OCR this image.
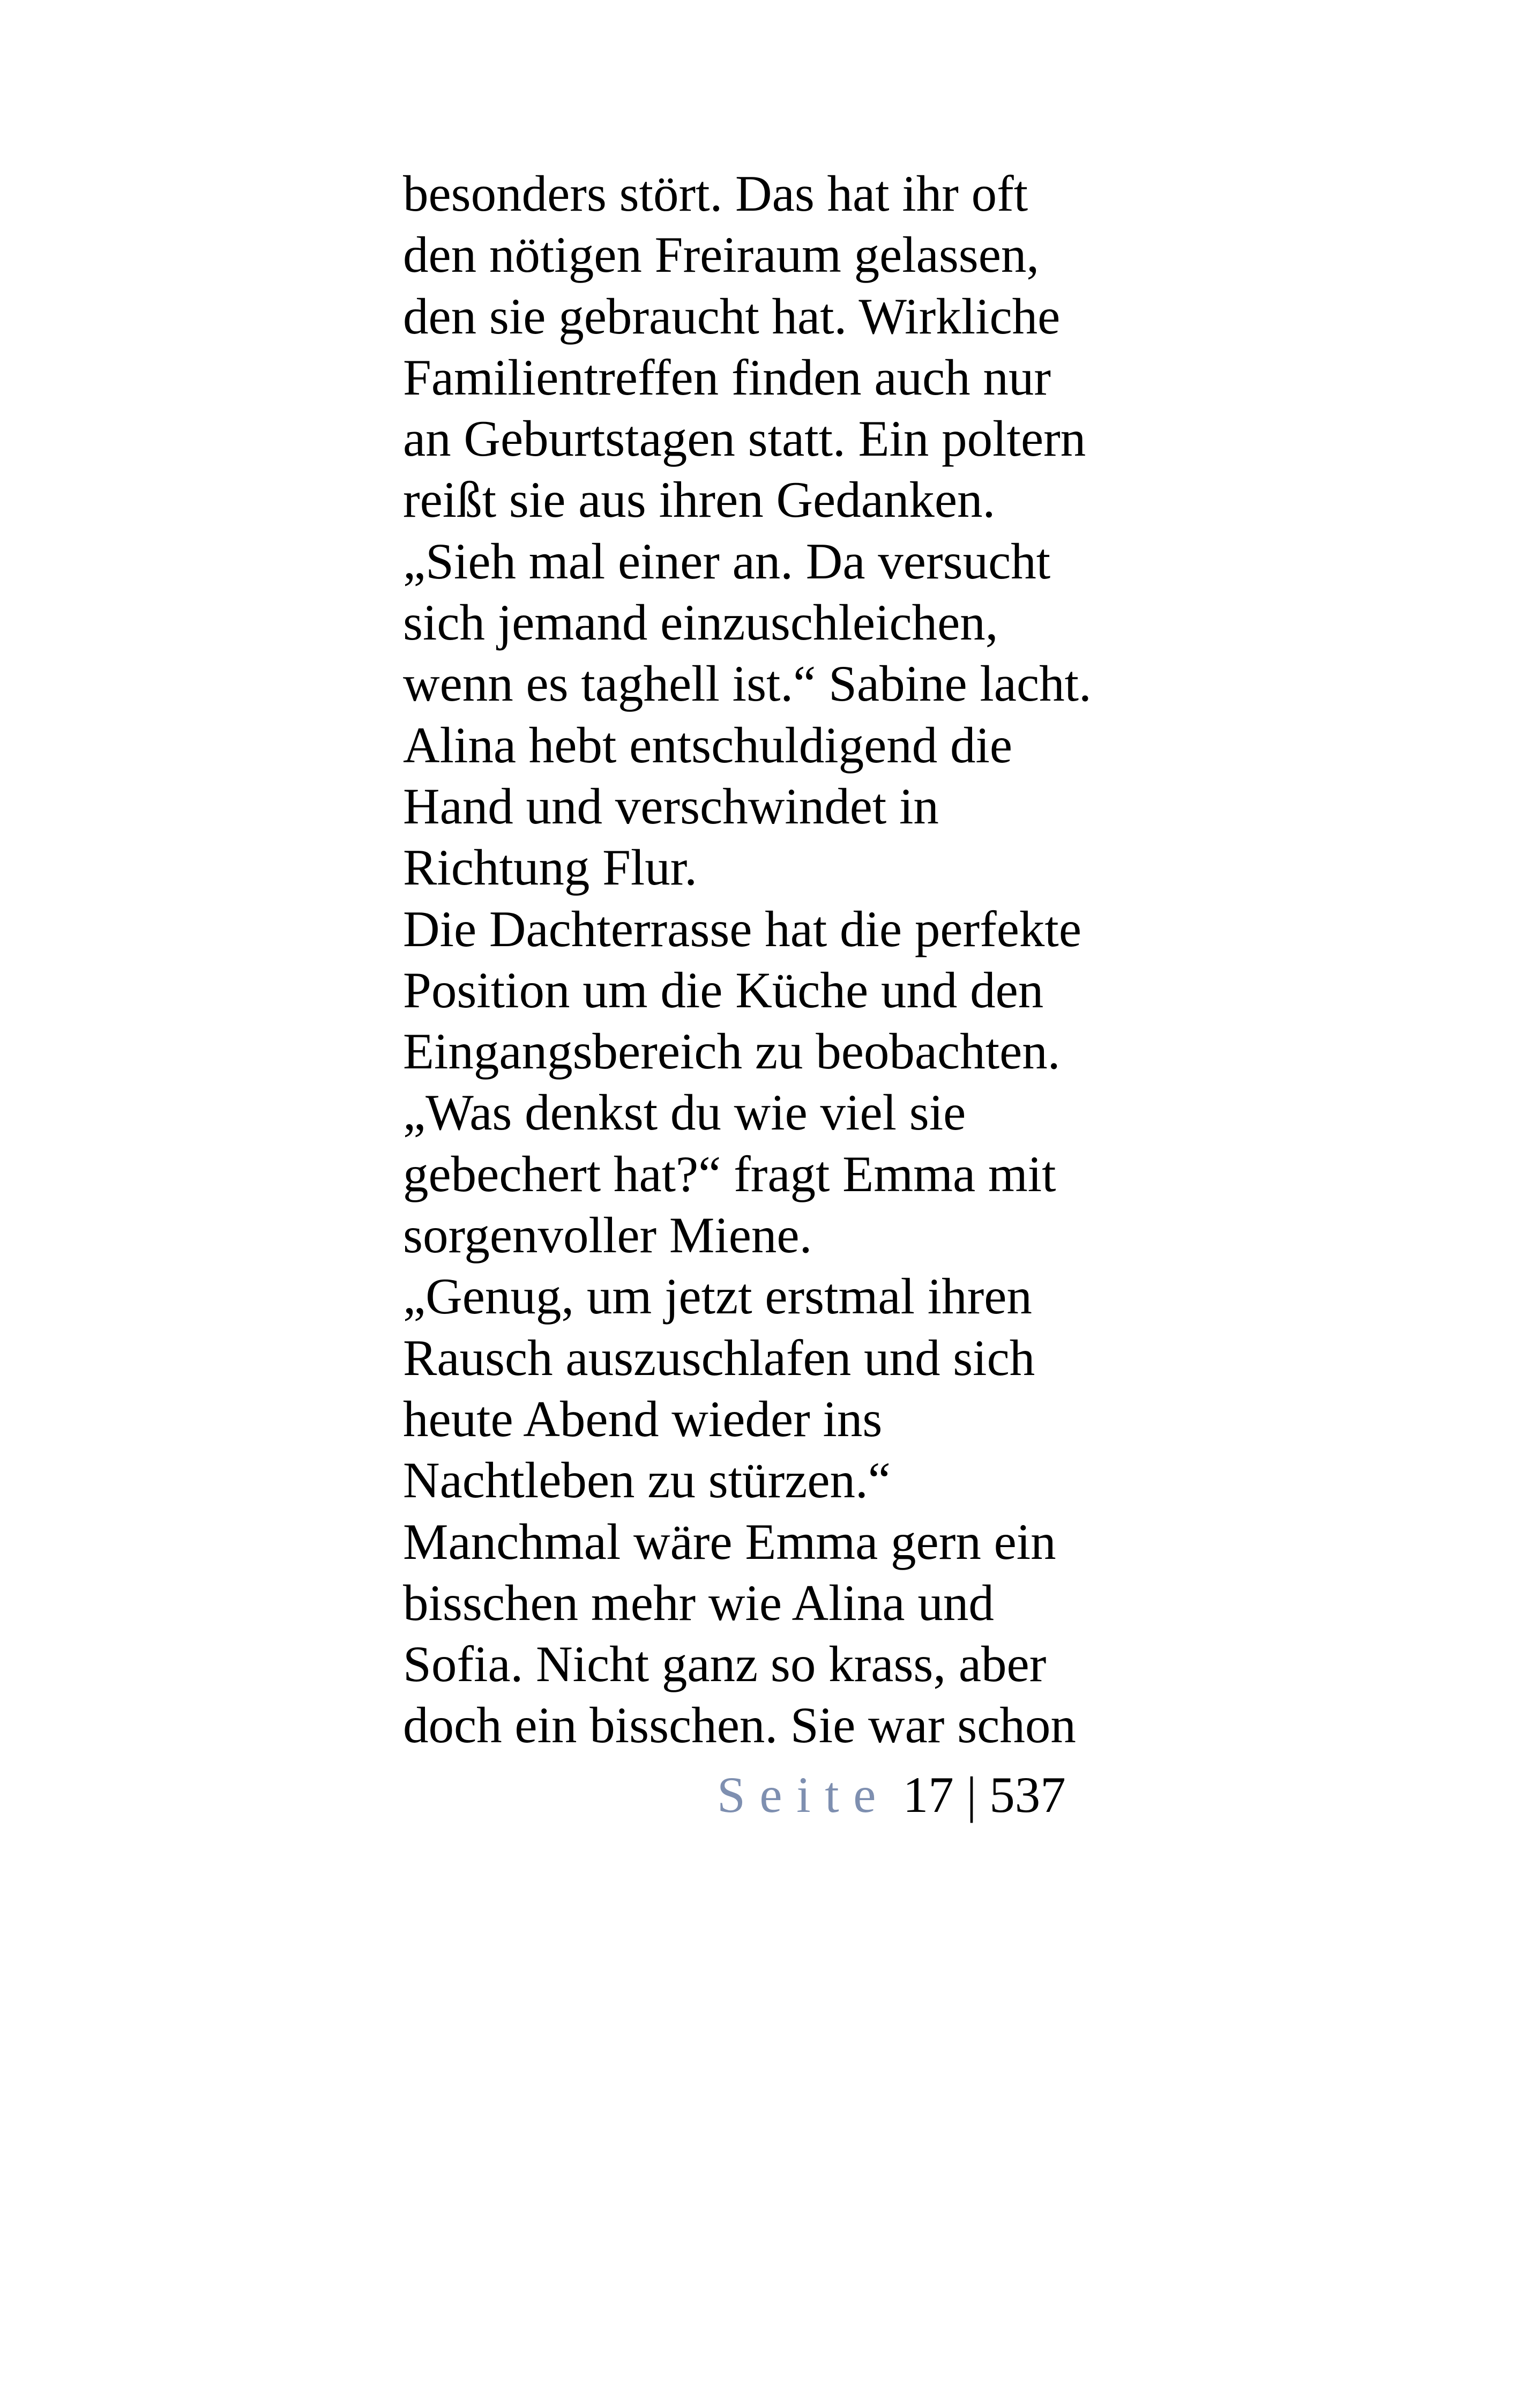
besonders stört. Das hat ihr oft
den nötigen Freiraum gelassen,
den sie gebraucht hat. Wirkliche
Familientreffen finden auch nur
an Geburtstagen statt. Ein poltern
reißt sie aus ihren Gedanken.
„Sieh mal einer an. Da versucht
sich jemand einzuschleichen,
wenn es taghell ist.“ Sabine lacht.
Alina hebt entschuldigend die
Hand und verschwindet in
Richtung Flur.
Die Dachterrasse hat die perfekte
Position um die Küche und den
Eingangsbereich zu beobachten.
„Was denkst du wie viel sie
gebechert hat?“ fragt Emma mit
sorgenvoller Miene.
„Genug, um jetzt erstmal ihren
Rausch auszuschlafen und sich
heute Abend wieder ins
Nachtleben zu stürzen.“
Manchmal wäre Emma gern ein
bisschen mehr wie Alina und
Sofia. Nicht ganz so krass, aber
doch ein bisschen. Sie war schon
Seite 17 | 537
